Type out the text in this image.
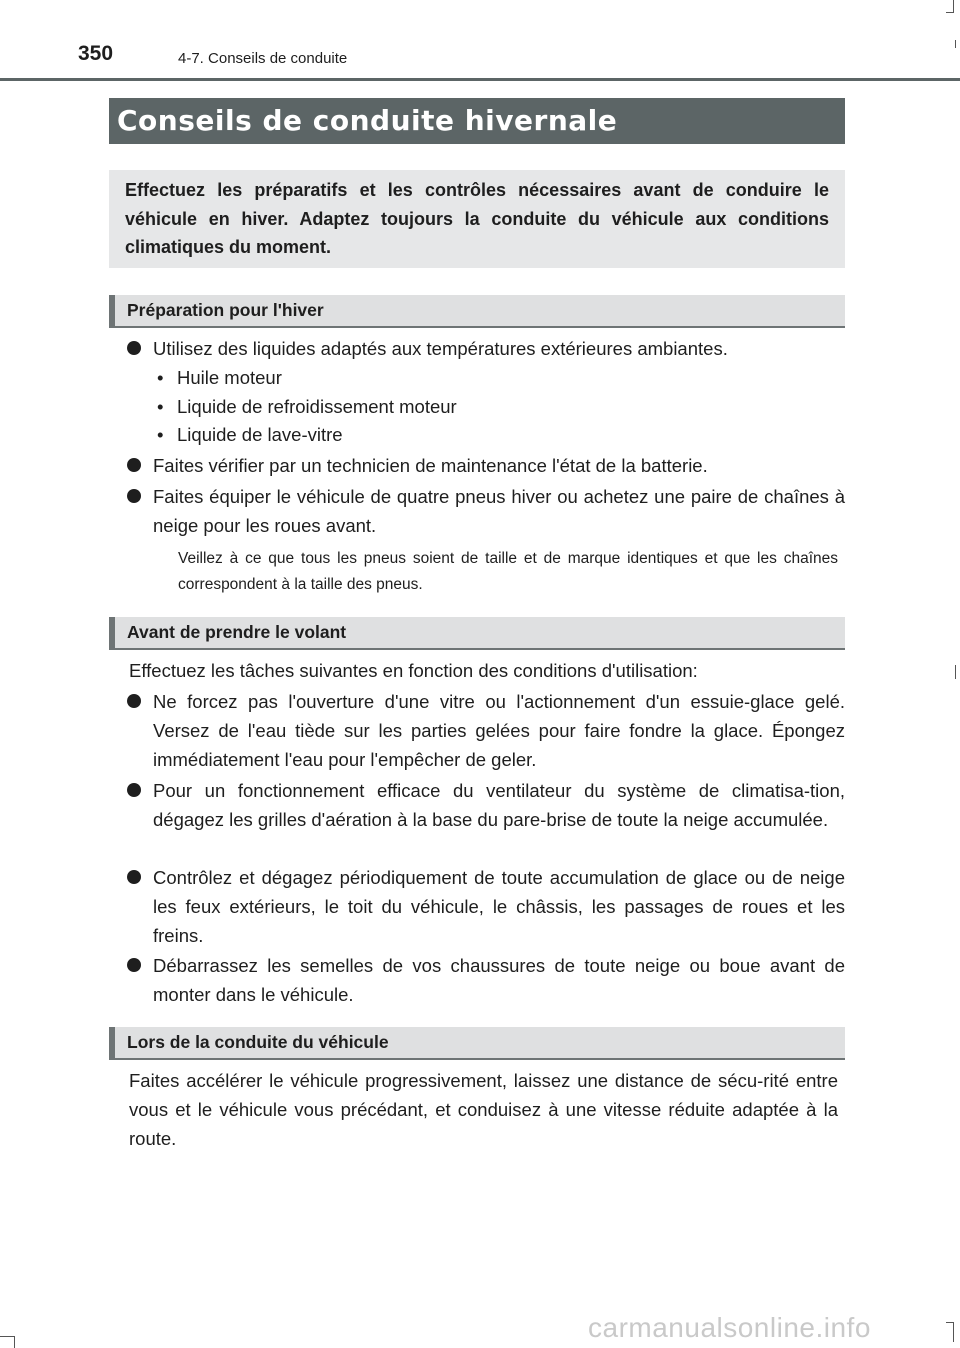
350	4-7. Conseils de conduite
Conseils de conduite hivernale
Effectuez les préparatifs et les contrôles nécessaires avant de conduire le véhicule en hiver. Adaptez toujours la conduite du véhicule aux conditions climatiques du moment.
Préparation pour l'hiver
Utilisez des liquides adaptés aux températures extérieures ambiantes.
• Huile moteur
• Liquide de refroidissement moteur
• Liquide de lave-vitre
Faites vérifier par un technicien de maintenance l'état de la batterie.
Faites équiper le véhicule de quatre pneus hiver ou achetez une paire de chaînes à neige pour les roues avant.
Veillez à ce que tous les pneus soient de taille et de marque identiques et que les chaînes correspondent à la taille des pneus.
Avant de prendre le volant
Effectuez les tâches suivantes en fonction des conditions d'utilisation:
Ne forcez pas l'ouverture d'une vitre ou l'actionnement d'un essuie-glace gelé. Versez de l'eau tiède sur les parties gelées pour faire fondre la glace. Épongez immédiatement l'eau pour l'empêcher de geler.
Pour un fonctionnement efficace du ventilateur du système de climatisa-tion, dégagez les grilles d'aération à la base du pare-brise de toute la neige accumulée.
Contrôlez et dégagez périodiquement de toute accumulation de glace ou de neige les feux extérieurs, le toit du véhicule, le châssis, les passages de roues et les freins.
Débarrassez les semelles de vos chaussures de toute neige ou boue avant de monter dans le véhicule.
Lors de la conduite du véhicule
Faites accélérer le véhicule progressivement, laissez une distance de sécu-rité entre vous et le véhicule vous précédant, et conduisez à une vitesse réduite adaptée à la route.
carmanualsonline.info
